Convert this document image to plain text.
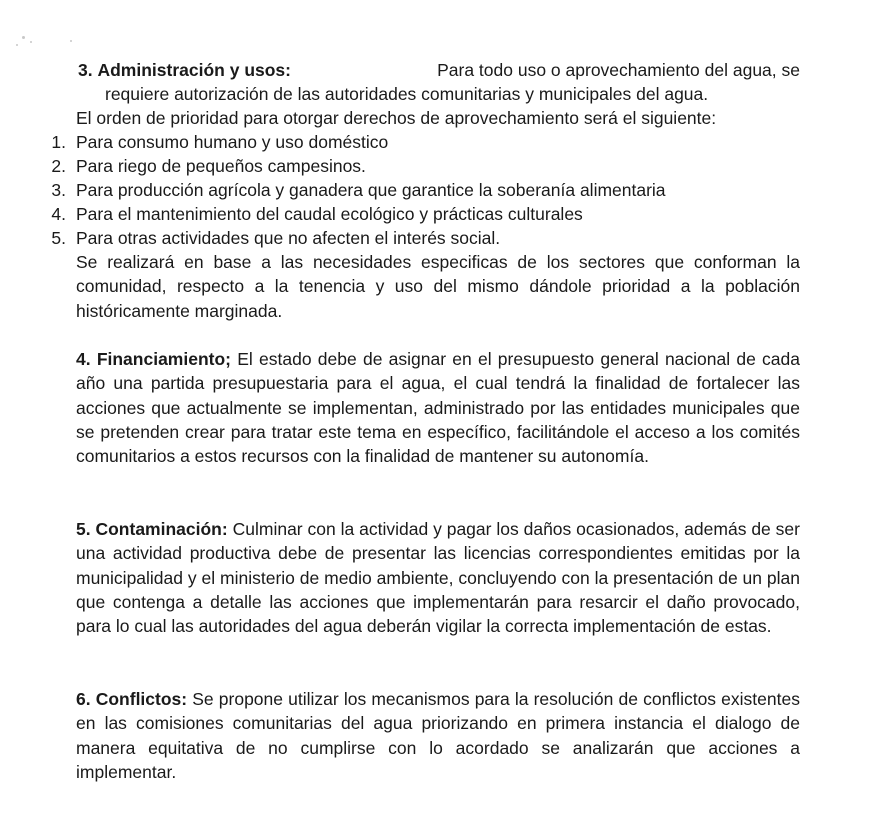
3. Administración y usos:	Para todo uso o aprovechamiento del agua, se
requiere autorización de las autoridades comunitarias y municipales del agua.
El orden de prioridad para otorgar derechos de aprovechamiento será el siguiente:
1. Para consumo humano y uso doméstico
2. Para riego de pequeños campesinos.
3. Para producción agrícola y ganadera que garantice la soberanía alimentaria
4. Para el mantenimiento del caudal ecológico y prácticas culturales
5. Para otras actividades que no afecten el interés social.
Se realizará en base a las necesidades especificas de los sectores que conforman la comunidad, respecto a la tenencia y uso del mismo dándole prioridad a la población históricamente marginada.
4. Financiamiento; El estado debe de asignar en el presupuesto general nacional de cada año una partida presupuestaria para el agua, el cual tendrá la finalidad de fortalecer las acciones que actualmente se implementan, administrado por las entidades municipales que se pretenden crear para tratar este tema en específico, facilitándole el acceso a los comités comunitarios a estos recursos con la finalidad de mantener su autonomía.
5. Contaminación: Culminar con la actividad y pagar los daños ocasionados, además de ser una actividad productiva debe de presentar las licencias correspondientes emitidas por la municipalidad y el ministerio de medio ambiente, concluyendo con la presentación de un plan que contenga a detalle las acciones que implementarán para resarcir el daño provocado, para lo cual las autoridades del agua deberán vigilar la correcta implementación de estas.
6. Conflictos: Se propone utilizar los mecanismos para la resolución de conflictos existentes en las comisiones comunitarias del agua priorizando en primera instancia el dialogo de manera equitativa de no cumplirse con lo acordado se analizarán que acciones a implementar.
